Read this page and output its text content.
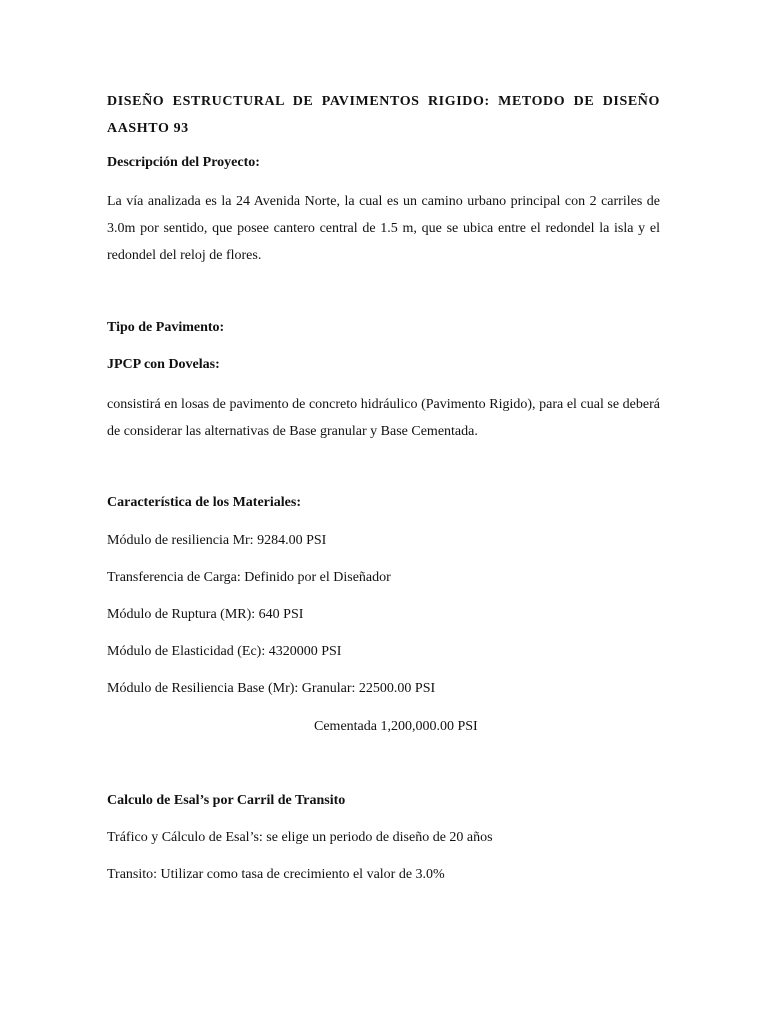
DISEÑO ESTRUCTURAL DE PAVIMENTOS RIGIDO: METODO DE DISEÑO AASHTO 93

Descripción del Proyecto:

La vía analizada es la 24 Avenida Norte, la cual es un camino urbano principal con 2 carriles de 3.0m por sentido, que posee cantero central de 1.5 m, que se ubica entre el redondel la isla y el redondel del reloj de flores.

Tipo de Pavimento:

JPCP con Dovelas:

consistirá en losas de pavimento de concreto hidráulico (Pavimento Rigido), para el cual se deberá de considerar las alternativas de Base granular y Base Cementada.

Característica de los Materiales:

Módulo de resiliencia Mr: 9284.00 PSI

Transferencia de Carga: Definido por el Diseñador

Módulo de Ruptura (MR): 640 PSI

Módulo de Elasticidad (Ec): 4320000 PSI

Módulo de Resiliencia Base (Mr): Granular: 22500.00 PSI

Cementada 1,200,000.00 PSI

Calculo de Esal’s por Carril de Transito

Tráfico y Cálculo de Esal’s: se elige un periodo de diseño de 20 años

Transito: Utilizar como tasa de crecimiento el valor de 3.0%
